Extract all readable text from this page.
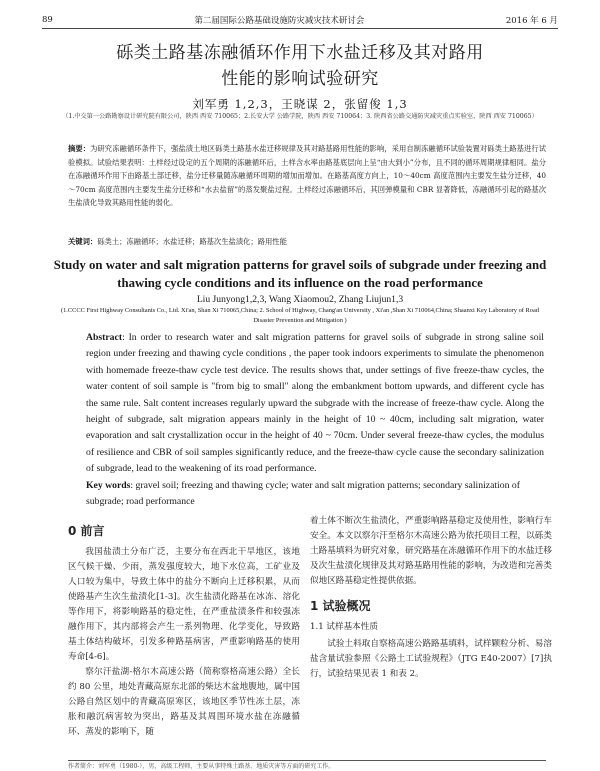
89	第二届国际公路基础设施防灾减灾技术研讨会	2016 年 6 月
砾类土路基冻融循环作用下水盐迁移及其对路用
性能的影响试验研究
刘军勇 1,2,3，王晓谋 2，张留俊 1,3
（1.中交第一公路勘察设计研究院有限公司，陕西 西安 710065；2.长安大学 公路学院，陕西 西安 710064；3. 陕西省公路交通防灾减灾重点实验室，陕西 西安 710065）
摘要：为研究冻融循环条件下，强盐渍土地区砾类土路基水盐迁移规律及其对路基路用性能的影响，采用自制冻融循环试验装置对砾类土路基进行试验模拟。试验结果表明：土样经过设定的五个周期的冻融循环后，土样含水率由路基底层向上呈“由大到小”分布，且不同的循环周期规律相同。盐分在冻融循环作用下由路基土部迁移，盐分迁移量随冻融循环周期的增加而增加。在路基高度方向上，10～40cm 高度范围内主要发生盐分迁移，40～70cm 高度范围内主要发生盐分迁移和“水去盐留”的蒸发聚盐过程。土样经过冻融循环后，其回弹模量和 CBR 显著降低，冻融循环引起的路基次生盐渍化导致其路用性能的弱化。
关键词：砾类土；冻融循环；水盐迁移；路基次生盐渍化；路用性能
Study on water and salt migration patterns for gravel soils of subgrade under freezing and thawing cycle conditions and its influence on the road performance
Liu Junyong1,2,3, Wang Xiaomou2, Zhang Liujun1,3
(1.CCCC First Highway Consultants Co., Ltd. Xi'an, Shan Xi 710065,China; 2. School of Highway, Chang'an University , Xi'an ,Shan Xi 710064,China; Shaanxi Key Laboratory of Road Disaster Prevention and Mitigation )
Abstract: In order to research water and salt migration patterns for gravel soils of subgrade in strong saline soil region under freezing and thawing cycle conditions , the paper took indoors experiments to simulate the phenomenon with homemade freeze-thaw cycle test device. The results shows that, under settings of five freeze-thaw cycles, the water content of soil sample is "from big to small" along the embankment bottom upwards, and different cycle has the same rule. Salt content increases regularly upward the subgrade with the increase of freeze-thaw cycle. Along the height of subgrade, salt migration appears mainly in the height of 10 ~ 40cm, including salt migration, water evaporation and salt crystallization occur in the height of 40 ~ 70cm. Under several freeze-thaw cycles, the modulus of resilience and CBR of soil samples significantly reduce, and the freeze-thaw cycle cause the secondary salinization of subgrade, lead to the weakening of its road performance.
Key words: gravel soil; freezing and thawing cycle; water and salt migration patterns; secondary salinization of subgrade; road performance
0 前言

我国盐渍土分布广泛，主要分布在西北干旱地区，该地区气候干燥、少雨，蒸发强度较大，地下水位高，工矿业及人口较为集中，导致土体中的盐分不断向上迁移积累，从而使路基产生次生盐渍化[1-3]。次生盐渍化路基在冰冻、溶化等作用下，将影响路基的稳定性，在严重盐渍条件和较强冻融作用下，其内部将会产生一系列物理、化学变化，导致路基土体结构破坏，引发多种路基病害，严重影响路基的使用寿命[4-6]。

察尔汗盐湖-格尔木高速公路（简称察格高速公路）全长约 80 公里，地处青藏高原东北部的柴达木盆地腹地，属中国公路自然区划中的青藏高原寒区，该地区季节性冻土层，冻胀和融沉病害较为突出，路基及其周围环境水盐在冻融循环、蒸发的影响下，随

着土体不断次生盐渍化，严重影响路基稳定及使用性，影响行车安全。本文以察尔汗至格尔木高速公路为依托项目工程，以砾类土路基填料为研究对象，研究路基在冻融循环作用下的水盐迁移及次生盐渍化规律及其对路基路用性能的影响，为改造和完善类似地区路基稳定性提供依据。

1 试验概况
1.1 试样基本性质

试验土料取自察格高速公路路基填料，试样颗粒分析、易溶盐含量试验参照《公路土工试验规程》（JTG E40-2007）[7]执行，试验结果见表 1 和表 2。

作者简介：刘军勇（1980-），男，高级工程师，主要从事特殊土路基、地质灾害等方面的研究工作。
